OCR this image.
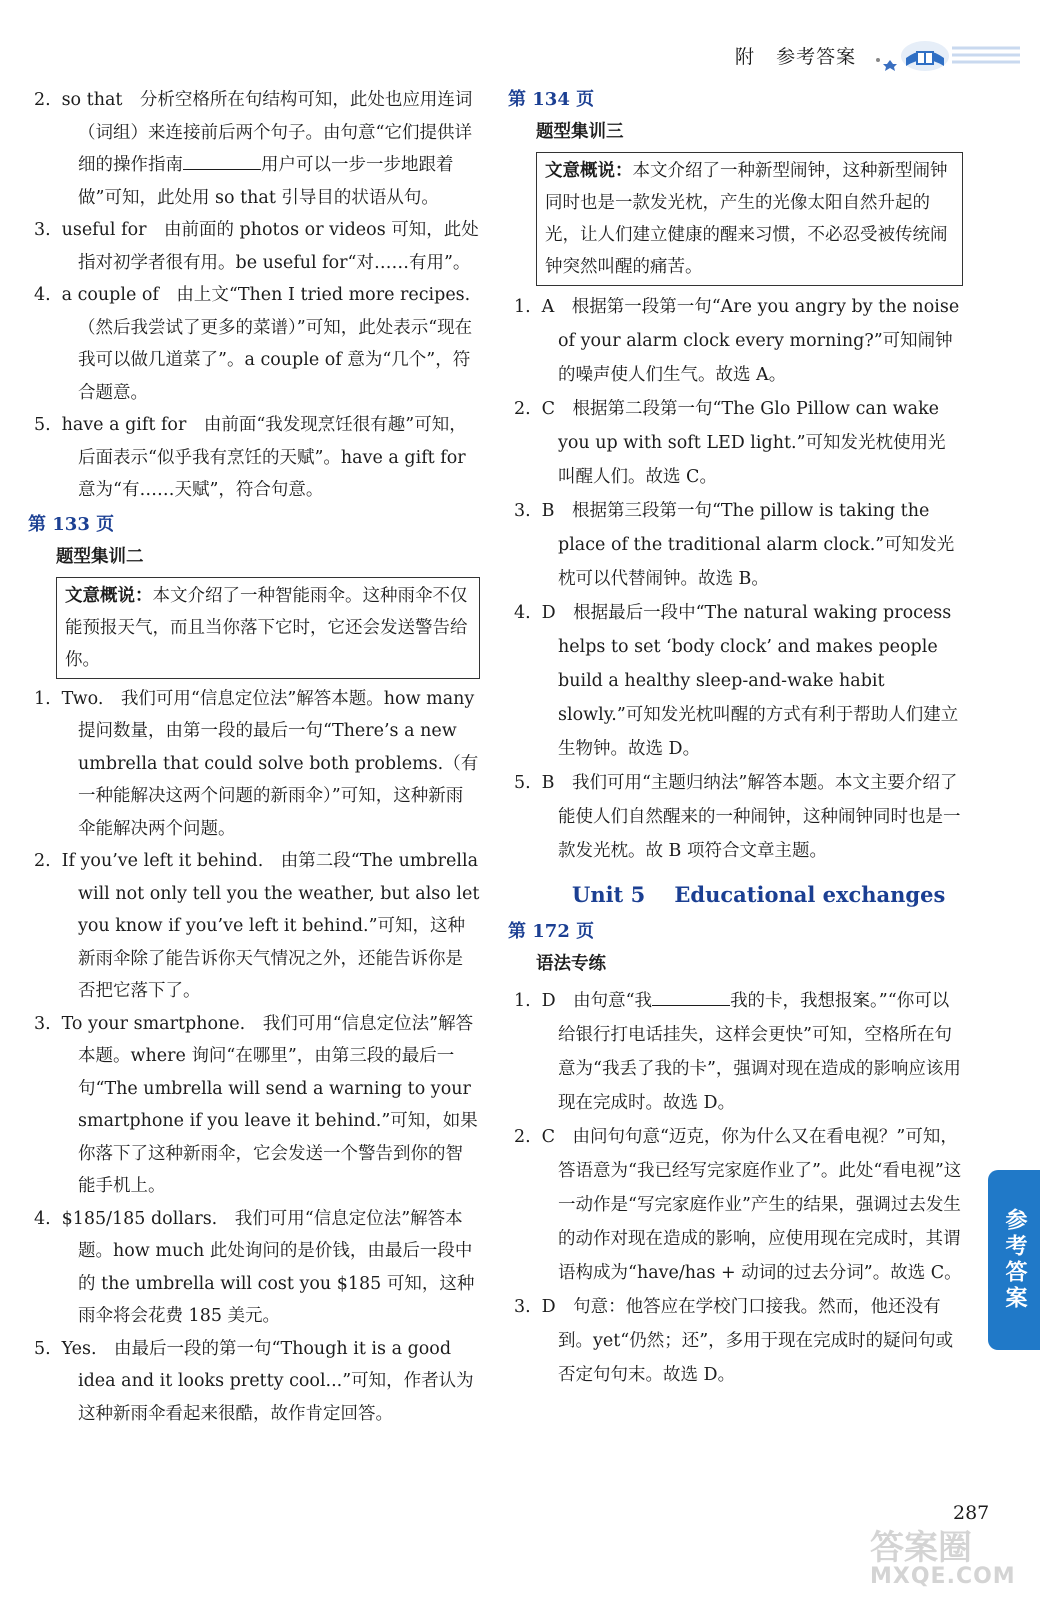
附   参考答案

2. so that　分析空格所在句结构可知，此处也应用连词（词组）来连接前后两个句子。由句意“它们提供详细的操作指南	用户可以一步一步地跟着做”可知，此处用 so that 引导目的状语从句。

3. useful for　由前面的 photos or videos 可知，此处指对初学者很有用。be useful for“对……有用”。

4. a couple of　由上文“Then I tried more recipes.（然后我尝试了更多的菜谱）”可知，此处表示“现在我可以做几道菜了”。a couple of 意为“几个”，符合题意。

5. have a gift for　由前面“我发现烹饪很有趣”可知，后面表示“似乎我有烹饪的天赋”。have a gift for 意为“有……天赋”，符合句意。

第 133 页

题型集训二

文意概说：本文介绍了一种智能雨伞。这种雨伞不仅能预报天气，而且当你落下它时，它还会发送警告给你。

1. Two.　我们可用“信息定位法”解答本题。how many 提问数量，由第一段的最后一句“There’s a new umbrella that could solve both problems.（有一种能解决这两个问题的新雨伞）”可知，这种新雨伞能解决两个问题。

2. If you’ve left it behind.　由第二段“The umbrella will not only tell you the weather, but also let you know if you’ve left it behind.”可知，这种新雨伞除了能告诉你天气情况之外，还能告诉你是否把它落下了。

3. To your smartphone.　我们可用“信息定位法”解答本题。where 询问“在哪里”，由第三段的最后一句“The umbrella will send a warning to your smartphone if you leave it behind.”可知，如果你落下了这种新雨伞，它会发送一个警告到你的智能手机上。

4. $185/185 dollars.　我们可用“信息定位法”解答本题。how much 此处询问的是价钱，由最后一段中的 the umbrella will cost you $185 可知，这种雨伞将会花费 185 美元。

5. Yes.　由最后一段的第一句“Though it is a good idea and it looks pretty cool...”可知，作者认为这种新雨伞看起来很酷，故作肯定回答。

第 134 页

题型集训三

文意概说：本文介绍了一种新型闹钟，这种新型闹钟同时也是一款发光枕，产生的光像太阳自然升起的光，让人们建立健康的醒来习惯，不必忍受被传统闹钟突然叫醒的痛苦。

1. A　根据第一段第一句“Are you angry by the noise of your alarm clock every morning?”可知闹钟的噪声使人们生气。故选 A。

2. C　根据第二段第一句“The Glo Pillow can wake you up with soft LED light.”可知发光枕使用光叫醒人们。故选 C。

3. B　根据第三段第一句“The pillow is taking the place of the traditional alarm clock.”可知发光枕可以代替闹钟。故选 B。

4. D　根据最后一段中“The natural waking process helps to set ‘body clock’ and makes people build a healthy sleep-and-wake habit slowly.”可知发光枕叫醒的方式有利于帮助人们建立生物钟。故选 D。

5. B　我们可用“主题归纳法”解答本题。本文主要介绍了能使人们自然醒来的一种闹钟，这种闹钟同时也是一款发光枕。故 B 项符合文章主题。

Unit 5    Educational exchanges

第 172 页

语法专练

1. D　由句意“我	我的卡，我想报案。”“你可以给银行打电话挂失，这样会更快”可知，空格所在句意为“我丢了我的卡”，强调对现在造成的影响应该用现在完成时。故选 D。

2. C　由问句句意“迈克，你为什么又在看电视？”可知，答语意为“我已经写完家庭作业了”。此处“看电视”这一动作是“写完家庭作业”产生的结果，强调过去发生的动作对现在造成的影响，应使用现在完成时，其谓语构成为“have/has + 动词的过去分词”。故选 C。

3. D　句意：他答应在学校门口接我。然而，他还没有到。yet“仍然；还”，多用于现在完成时的疑问句或否定句句末。故选 D。

参考答案
287
答案圈
MXQE.COM
